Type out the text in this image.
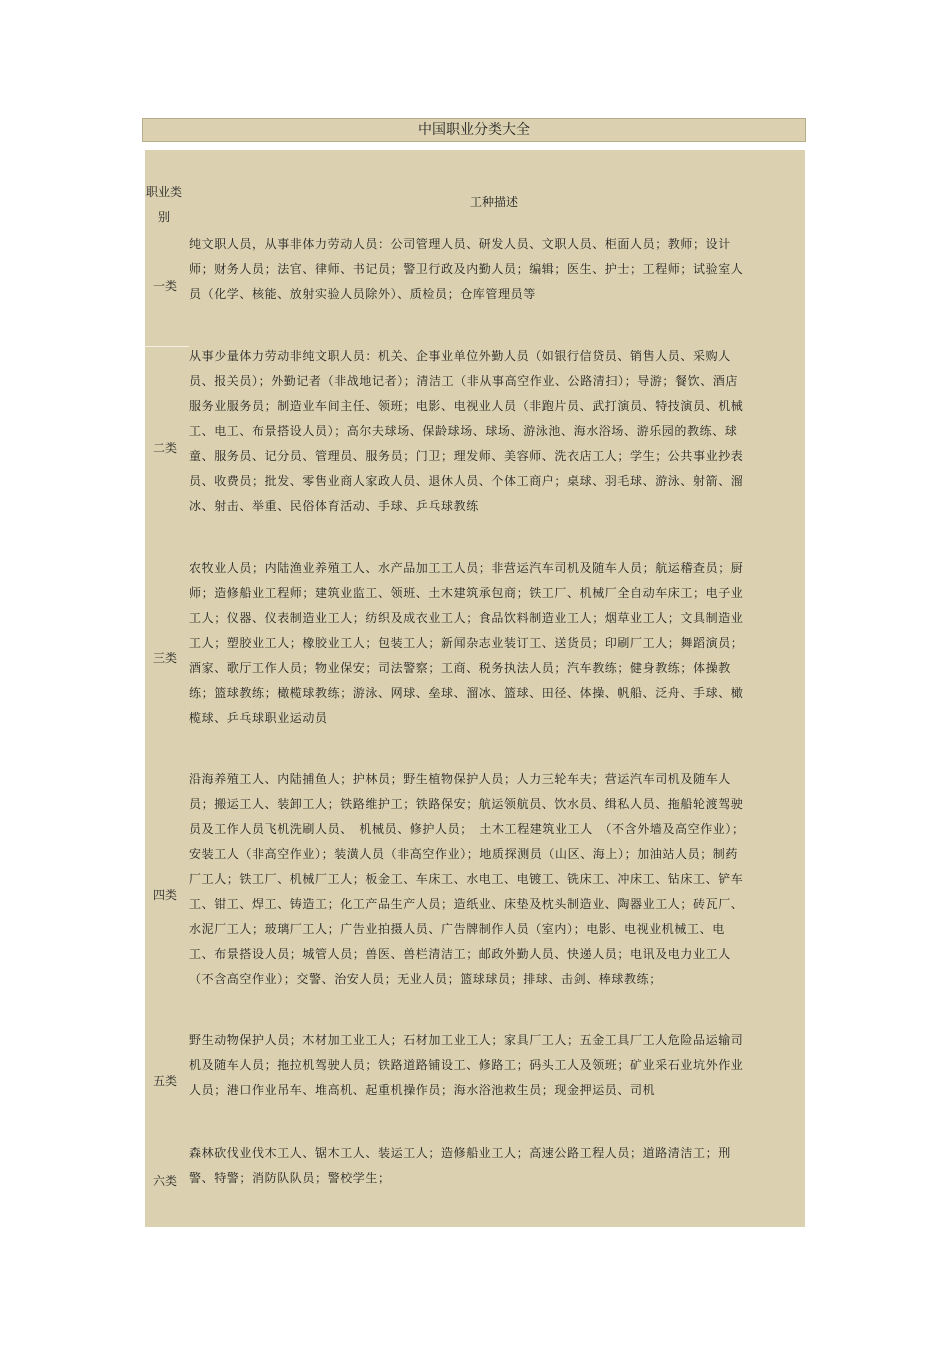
中国职业分类大全
职业类别
工种描述
纯文职人员，从事非体力劳动人员：公司管理人员、研发人员、文职人员、柜面人员；教师；设计师；财务人员；法官、律师、书记员；警卫行政及内勤人员；编辑；医生、护士；工程师；试验室人员（化学、核能、放射实验人员除外）、质检员；仓库管理员等
一类
从事少量体力劳动非纯文职人员：机关、企事业单位外勤人员（如银行信贷员、销售人员、采购人员、报关员）；外勤记者（非战地记者）；清洁工（非从事高空作业、公路清扫）；导游；餐饮、酒店服务业服务员；制造业车间主任、领班；电影、电视业人员（非跑片员、武打演员、特技演员、机械工、电工、布景搭设人员）；高尔夫球场、保龄球场、球场、游泳池、海水浴场、游乐园的教练、球童、服务员、记分员、管理员、服务员；门卫；理发师、美容师、洗衣店工人；学生；公共事业抄表员、收费员；批发、零售业商人家政人员、退休人员、个体工商户；桌球、羽毛球、游泳、射箭、溜冰、射击、举重、民俗体育活动、手球、乒乓球教练
二类
农牧业人员；内陆渔业养殖工人、水产品加工工人员；非营运汽车司机及随车人员；航运稽查员；厨师；造修船业工程师；建筑业监工、领班、土木建筑承包商；铁工厂、机械厂全自动车床工；电子业工人；仪器、仪表制造业工人；纺织及成衣业工人；食品饮料制造业工人；烟草业工人；文具制造业工人；塑胶业工人；橡胶业工人；包装工人；新闻杂志业装订工、送货员；印刷厂工人；舞蹈演员；酒家、歌厅工作人员；物业保安；司法警察；工商、税务执法人员；汽车教练；健身教练；体操教练；篮球教练；橄榄球教练；游泳、网球、垒球、溜冰、篮球、田径、体操、帆船、泛舟、手球、橄榄球、乒乓球职业运动员
三类
沿海养殖工人、内陆捕鱼人；护林员；野生植物保护人员；人力三轮车夫；营运汽车司机及随车人员；搬运工人、装卸工人；铁路维护工；铁路保安；航运领航员、饮水员、缉私人员、拖船轮渡驾驶员及工作人员飞机洗刷人员、　机械员、修护人员；　土木工程建筑业工人　（不含外墙及高空作业）；安装工人（非高空作业）；装潢人员（非高空作业）；地质探测员（山区、海上）；加油站人员；制药厂工人；铁工厂、机械厂工人；板金工、车床工、水电工、电镀工、铣床工、冲床工、钻床工、铲车工、钳工、焊工、铸造工；化工产品生产人员；造纸业、床垫及枕头制造业、陶器业工人；砖瓦厂、水泥厂工人；玻璃厂工人；广告业拍摄人员、广告牌制作人员（室内）；电影、电视业机械工、电工、布景搭设人员；城管人员；兽医、兽栏清洁工；邮政外勤人员、快递人员；电讯及电力业工人（不含高空作业）；交警、治安人员；无业人员；篮球球员；排球、击剑、棒球教练；
四类
野生动物保护人员；木材加工业工人；石材加工业工人；家具厂工人；五金工具厂工人危险品运输司机及随车人员；拖拉机驾驶人员；铁路道路铺设工、修路工；码头工人及领班；矿业采石业坑外作业人员；港口作业吊车、堆高机、起重机操作员；海水浴池救生员；现金押运员、司机
五类
森林砍伐业伐木工人、锯木工人、装运工人；造修船业工人；高速公路工程人员；道路清洁工；刑警、特警；消防队队员；警校学生；
六类
